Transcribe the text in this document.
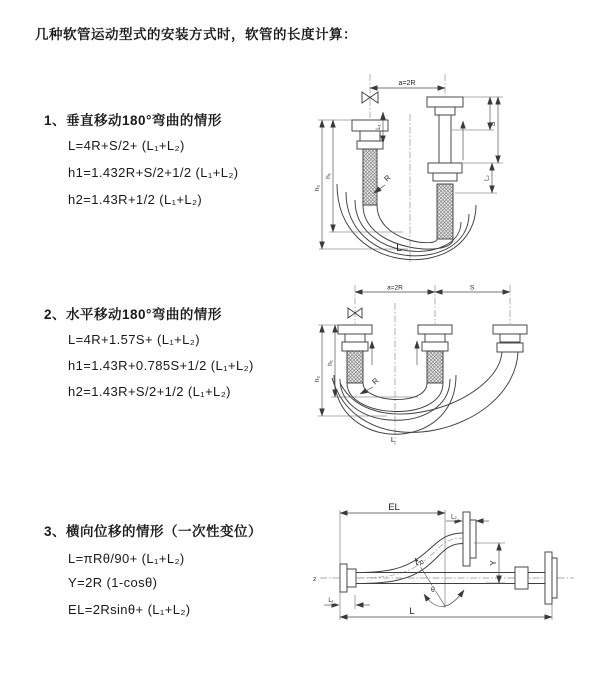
几种软管运动型式的安装方式时，软管的长度计算：
1、垂直移动180°弯曲的情形
L=4R+S/2+ (L₁+L₂)
h1=1.432R+S/2+1/2 (L₁+L₂)
h2=1.43R+1/2 (L₁+L₂)
2、水平移动180°弯曲的情形
L=4R+1.57S+ (L₁+L₂)
h1=1.43R+0.785S+1/2 (L₁+L₂)
h2=1.43R+S/2+1/2 (L₁+L₂)
3、横向位移的情形（一次性变位）
L=πRθ/90+ (L₁+L₂)
Y=2R (1-cosθ)
EL=2Rsinθ+ (L₁+L₂)
a=2R
h₁
h₂
L₁
S
L₂
R
L
a=2R	S
h₁
h₂	R
L
z
EL
L₂
Y
L
L₁
R
θ
